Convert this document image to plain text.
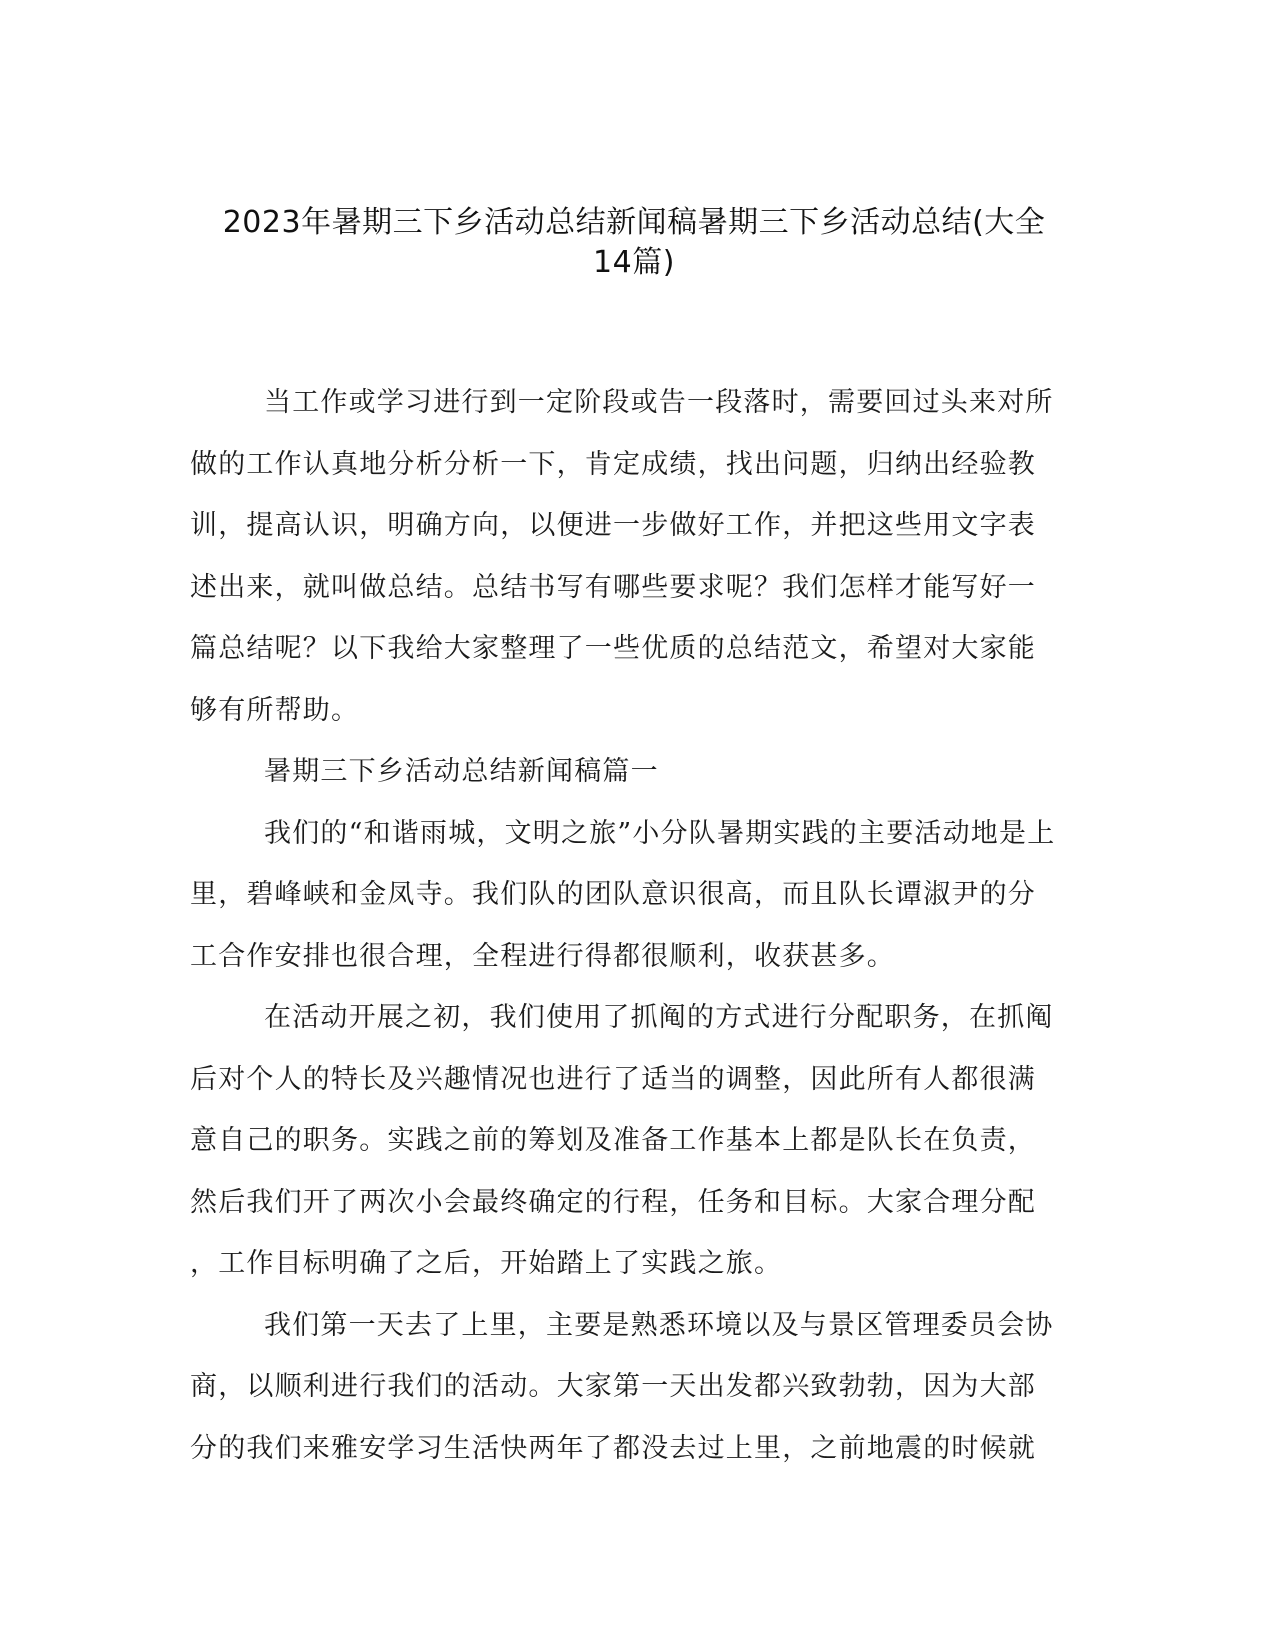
2023年暑期三下乡活动总结新闻稿暑期三下乡活动总结(大全
14篇)
当工作或学习进行到一定阶段或告一段落时，需要回过头来对所
做的工作认真地分析分析一下，肯定成绩，找出问题，归纳出经验教
训，提高认识，明确方向，以便进一步做好工作，并把这些用文字表
述出来，就叫做总结。总结书写有哪些要求呢？我们怎样才能写好一
篇总结呢？以下我给大家整理了一些优质的总结范文，希望对大家能
够有所帮助。
暑期三下乡活动总结新闻稿篇一
我们的“和谐雨城，文明之旅”小分队暑期实践的主要活动地是上
里，碧峰峡和金凤寺。我们队的团队意识很高，而且队长谭淑尹的分
工合作安排也很合理，全程进行得都很顺利，收获甚多。
在活动开展之初，我们使用了抓阄的方式进行分配职务，在抓阄
后对个人的特长及兴趣情况也进行了适当的调整，因此所有人都很满
意自己的职务。实践之前的筹划及准备工作基本上都是队长在负责，
然后我们开了两次小会最终确定的行程，任务和目标。大家合理分配
，工作目标明确了之后，开始踏上了实践之旅。
我们第一天去了上里，主要是熟悉环境以及与景区管理委员会协
商，以顺利进行我们的活动。大家第一天出发都兴致勃勃，因为大部
分的我们来雅安学习生活快两年了都没去过上里，之前地震的时候就
